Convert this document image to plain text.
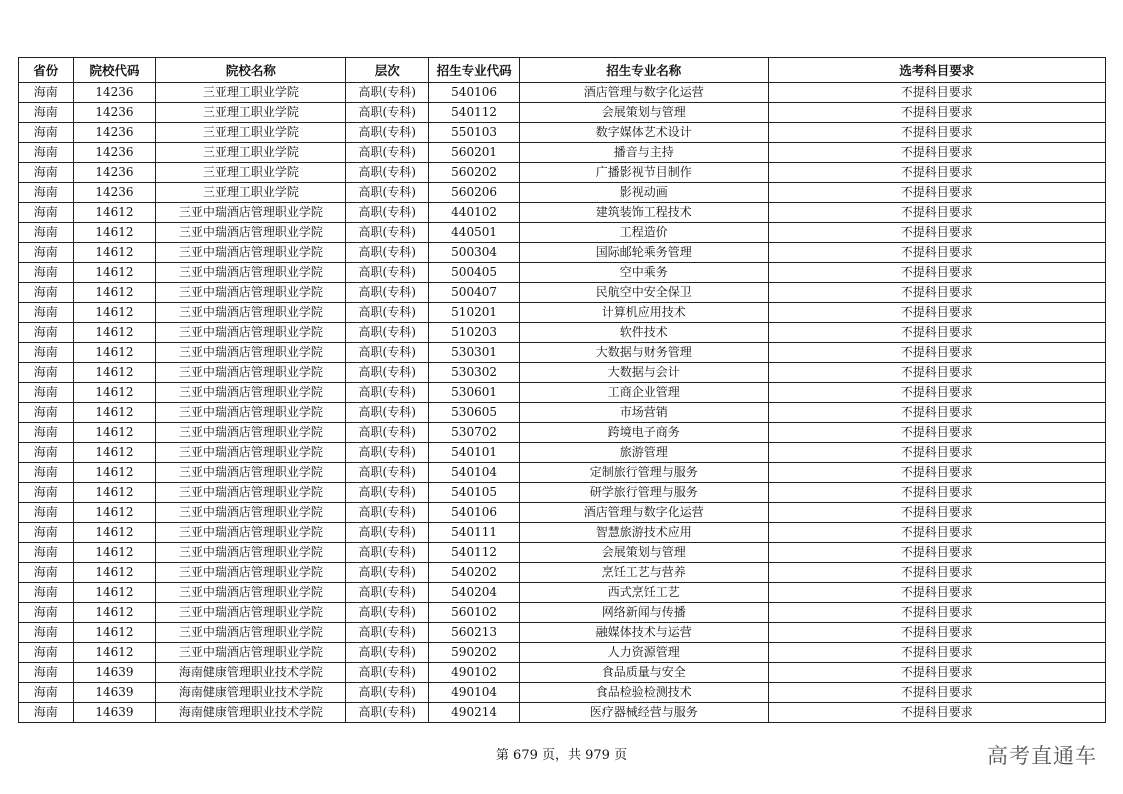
省份	院校代码	院校名称	层次	招生专业代码	招生专业名称	选考科目要求
海南	14236	三亚理工职业学院	高职(专科)	540106	酒店管理与数字化运营	不提科目要求
海南	14236	三亚理工职业学院	高职(专科)	540112	会展策划与管理	不提科目要求
海南	14236	三亚理工职业学院	高职(专科)	550103	数字媒体艺术设计	不提科目要求
海南	14236	三亚理工职业学院	高职(专科)	560201	播音与主持	不提科目要求
海南	14236	三亚理工职业学院	高职(专科)	560202	广播影视节目制作	不提科目要求
海南	14236	三亚理工职业学院	高职(专科)	560206	影视动画	不提科目要求
海南	14612	三亚中瑞酒店管理职业学院	高职(专科)	440102	建筑装饰工程技术	不提科目要求
海南	14612	三亚中瑞酒店管理职业学院	高职(专科)	440501	工程造价	不提科目要求
海南	14612	三亚中瑞酒店管理职业学院	高职(专科)	500304	国际邮轮乘务管理	不提科目要求
海南	14612	三亚中瑞酒店管理职业学院	高职(专科)	500405	空中乘务	不提科目要求
海南	14612	三亚中瑞酒店管理职业学院	高职(专科)	500407	民航空中安全保卫	不提科目要求
海南	14612	三亚中瑞酒店管理职业学院	高职(专科)	510201	计算机应用技术	不提科目要求
海南	14612	三亚中瑞酒店管理职业学院	高职(专科)	510203	软件技术	不提科目要求
海南	14612	三亚中瑞酒店管理职业学院	高职(专科)	530301	大数据与财务管理	不提科目要求
海南	14612	三亚中瑞酒店管理职业学院	高职(专科)	530302	大数据与会计	不提科目要求
海南	14612	三亚中瑞酒店管理职业学院	高职(专科)	530601	工商企业管理	不提科目要求
海南	14612	三亚中瑞酒店管理职业学院	高职(专科)	530605	市场营销	不提科目要求
海南	14612	三亚中瑞酒店管理职业学院	高职(专科)	530702	跨境电子商务	不提科目要求
海南	14612	三亚中瑞酒店管理职业学院	高职(专科)	540101	旅游管理	不提科目要求
海南	14612	三亚中瑞酒店管理职业学院	高职(专科)	540104	定制旅行管理与服务	不提科目要求
海南	14612	三亚中瑞酒店管理职业学院	高职(专科)	540105	研学旅行管理与服务	不提科目要求
海南	14612	三亚中瑞酒店管理职业学院	高职(专科)	540106	酒店管理与数字化运营	不提科目要求
海南	14612	三亚中瑞酒店管理职业学院	高职(专科)	540111	智慧旅游技术应用	不提科目要求
海南	14612	三亚中瑞酒店管理职业学院	高职(专科)	540112	会展策划与管理	不提科目要求
海南	14612	三亚中瑞酒店管理职业学院	高职(专科)	540202	烹饪工艺与营养	不提科目要求
海南	14612	三亚中瑞酒店管理职业学院	高职(专科)	540204	西式烹饪工艺	不提科目要求
海南	14612	三亚中瑞酒店管理职业学院	高职(专科)	560102	网络新闻与传播	不提科目要求
海南	14612	三亚中瑞酒店管理职业学院	高职(专科)	560213	融媒体技术与运营	不提科目要求
海南	14612	三亚中瑞酒店管理职业学院	高职(专科)	590202	人力资源管理	不提科目要求
海南	14639	海南健康管理职业技术学院	高职(专科)	490102	食品质量与安全	不提科目要求
海南	14639	海南健康管理职业技术学院	高职(专科)	490104	食品检验检测技术	不提科目要求
海南	14639	海南健康管理职业技术学院	高职(专科)	490214	医疗器械经营与服务	不提科目要求
第 679 页，共 979 页	高考直通车
